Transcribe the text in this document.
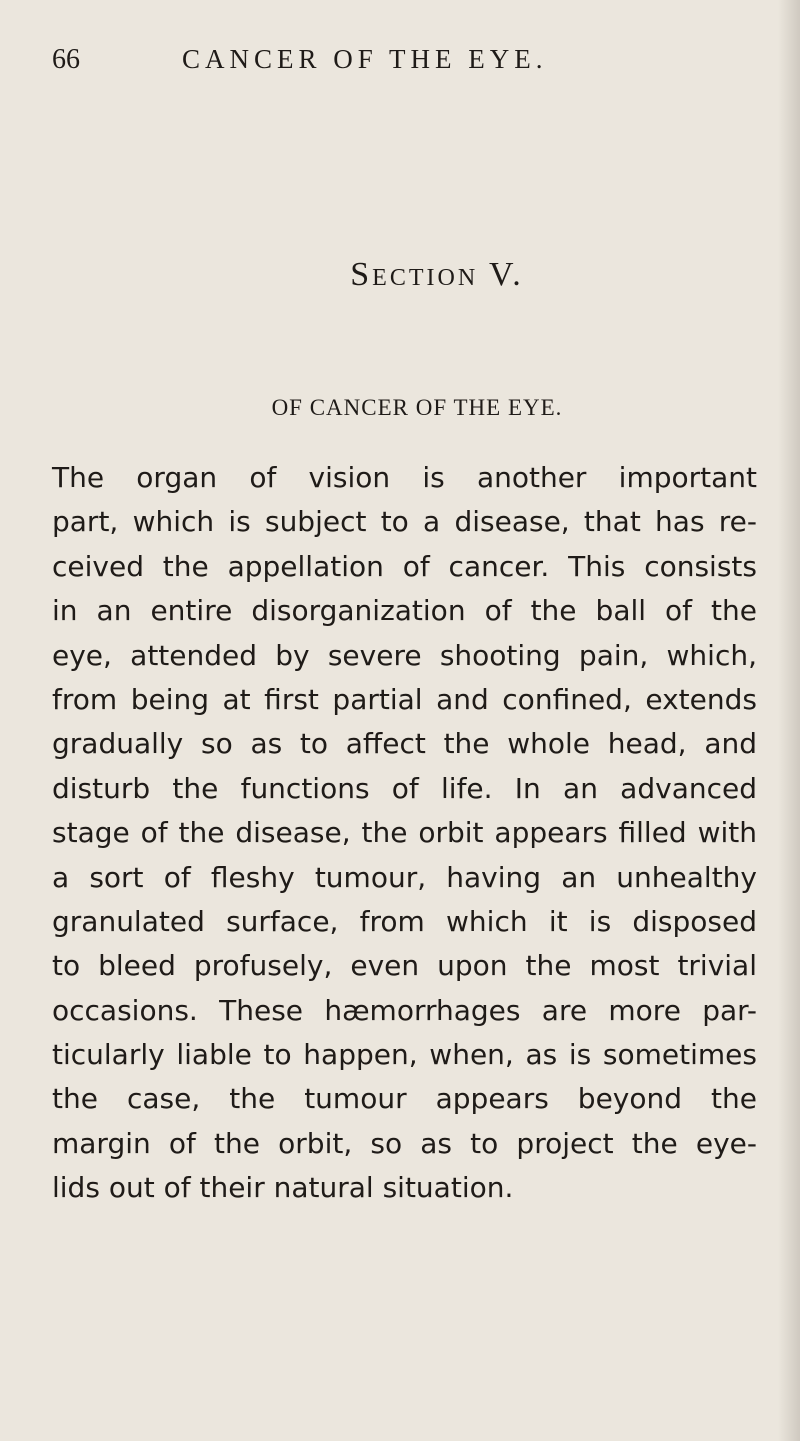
66	CANCER OF THE EYE.
Section V.
OF CANCER OF THE EYE.
The organ of vision is another important
part, which is subject to a disease, that has re-
ceived the appellation of cancer. This consists
in an entire disorganization of the ball of the
eye, attended by severe shooting pain, which,
from being at first partial and confined, extends
gradually so as to affect the whole head, and
disturb the functions of life. In an advanced
stage of the disease, the orbit appears filled with
a sort of fleshy tumour, having an unhealthy
granulated surface, from which it is disposed
to bleed profusely, even upon the most trivial
occasions. These hæmorrhages are more par-
ticularly liable to happen, when, as is sometimes
the case, the tumour appears beyond the
margin of the orbit, so as to project the eye-
lids out of their natural situation.
